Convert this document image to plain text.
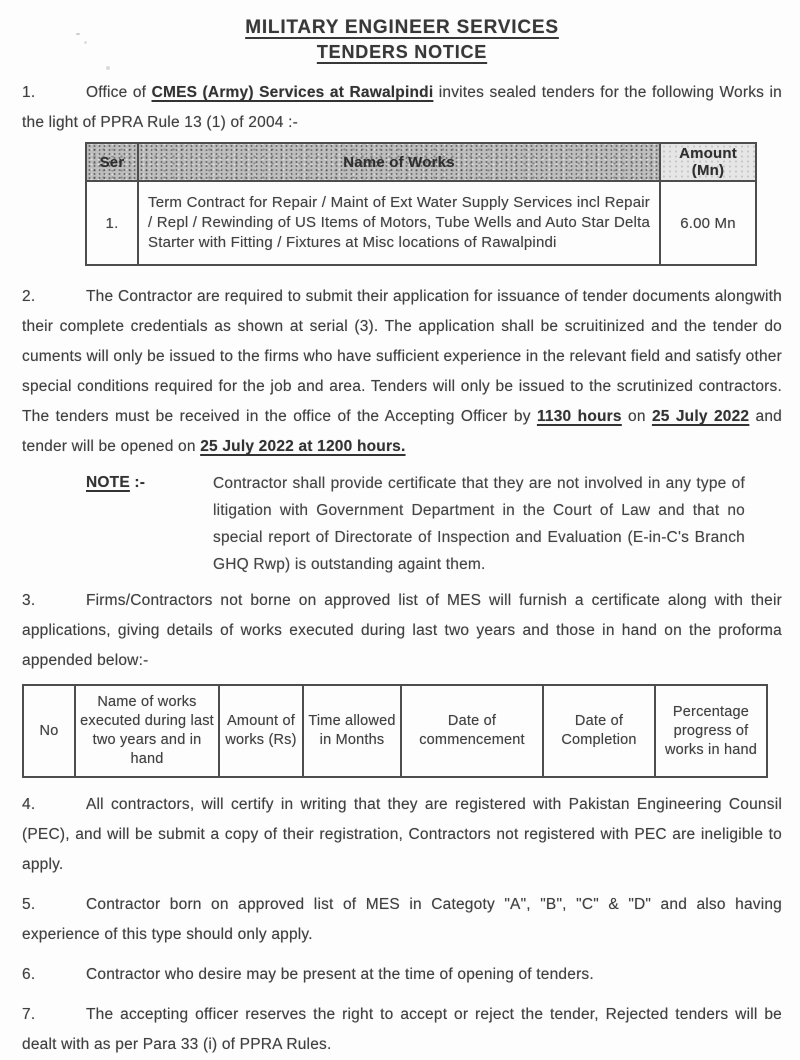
MILITARY ENGINEER SERVICES
TENDERS NOTICE

1.	Office of CMES (Army) Services at Rawalpindi invites sealed tenders for the following Works in the light of PPRA Rule 13 (1) of 2004 :-

Ser	Name of Works	Amount (Mn)
1.	Term Contract for Repair / Maint of Ext Water Supply Services incl Repair / Repl / Rewinding of US Items of Motors, Tube Wells and Auto Star Delta Starter with Fitting / Fixtures at Misc locations of Rawalpindi	6.00 Mn

2.	The Contractor are required to submit their application for issuance of tender documents alongwith their complete credentials as shown at serial (3). The application shall be scruitinized and the tender do cuments will only be issued to the firms who have sufficient experience in the relevant field and satisfy other special conditions required for the job and area. Tenders will only be issued to the scrutinized contractors. The tenders must be received in the office of the Accepting Officer by 1130 hours on 25 July 2022 and tender will be opened on 25 July 2022 at 1200 hours.

NOTE :-	Contractor shall provide certificate that they are not involved in any type of litigation with Government Department in the Court of Law and that no special report of Directorate of Inspection and Evaluation (E-in-C's Branch GHQ Rwp) is outstanding againt them.

3.	Firms/Contractors not borne on approved list of MES will furnish a certificate along with their applications, giving details of works executed during last two years and those in hand on the proforma appended below:-

No	Name of works executed during last two years and in hand	Amount of works (Rs)	Time allowed in Months	Date of commencement	Date of Completion	Percentage progress of works in hand

4.	All contractors, will certify in writing that they are registered with Pakistan Engineering Counsil (PEC), and will be submit a copy of their registration, Contractors not registered with PEC are ineligible to apply.

5.	Contractor born on approved list of MES in Categoty "A", "B", "C" & "D" and also having experience of this type should only apply.

6.	Contractor who desire may be present at the time of opening of tenders.

7.	The accepting officer reserves the right to accept or reject the tender, Rejected tenders will be dealt with as per Para 33 (i) of PPRA Rules.
